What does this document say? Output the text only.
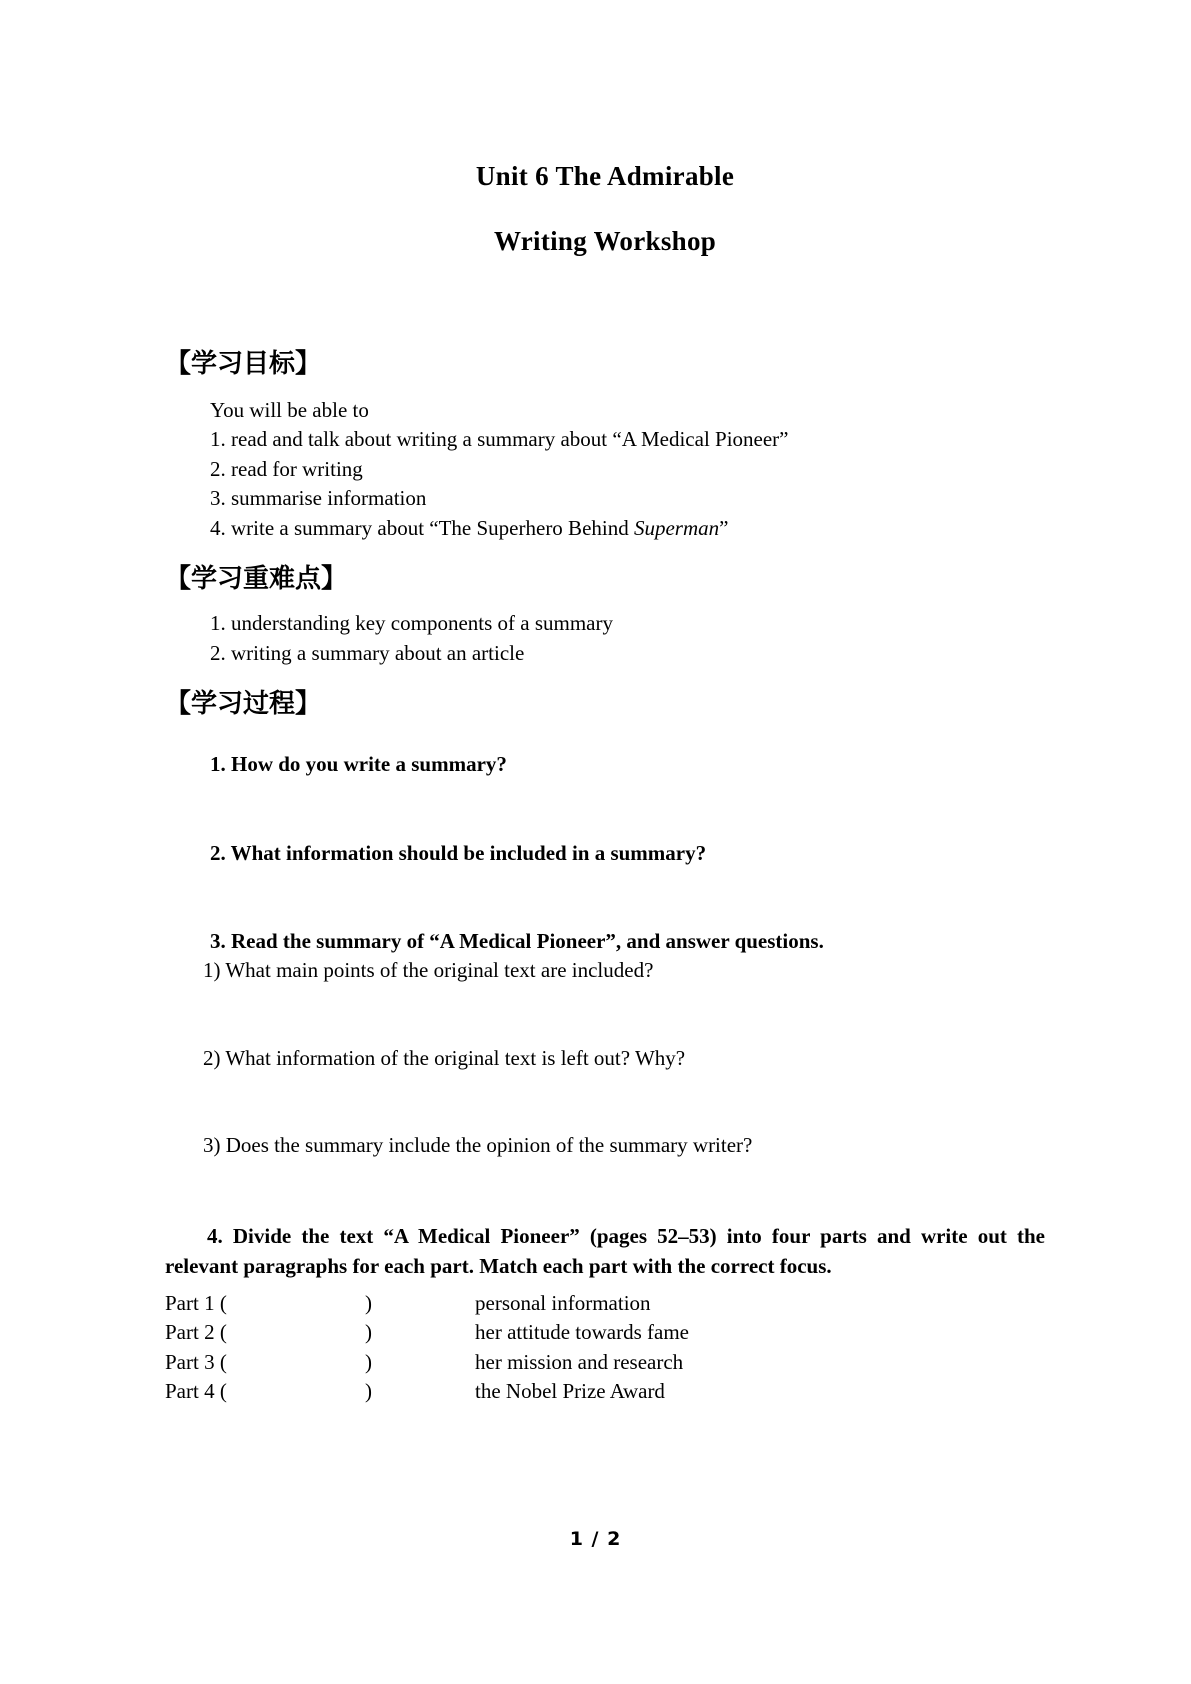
Unit 6 The Admirable
Writing Workshop
【学习目标】
You will be able to
1. read and talk about writing a summary about “A Medical Pioneer”
2. read for writing
3. summarise information
4. write a summary about “The Superhero Behind Superman”
【学习重难点】
1. understanding key components of a summary
2. writing a summary about an article
【学习过程】
1. How do you write a summary?
2. What information should be included in a summary?
3. Read the summary of “A Medical Pioneer”, and answer questions.
1) What main points of the original text are included?
2) What information of the original text is left out? Why?
3) Does the summary include the opinion of the summary writer?
4. Divide the text “A Medical Pioneer” (pages 52–53) into four parts and write out the relevant paragraphs for each part. Match each part with the correct focus.
Part 1 (	)	personal information
Part 2 (	)	her attitude towards fame
Part 3 (	)	her mission and research
Part 4 (	)	the Nobel Prize Award
1 / 2
